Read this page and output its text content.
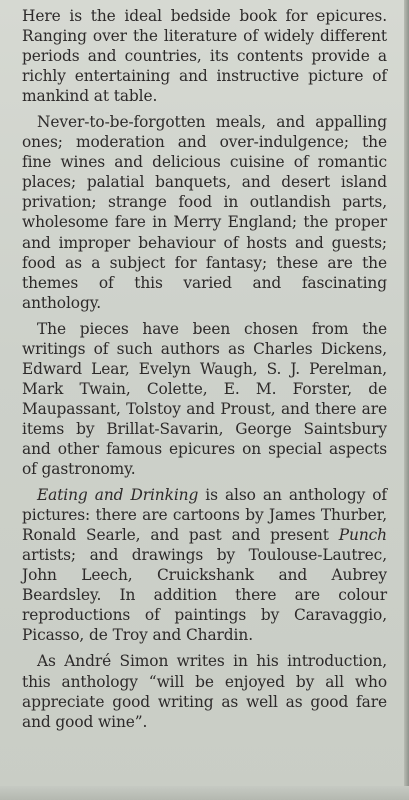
Here is the ideal bedside book for epicures. Ranging over the literature of widely different periods and countries, its contents provide a richly entertaining and instructive picture of mankind at table.

Never-to-be-forgotten meals, and appalling ones; moderation and over-indulgence; the fine wines and delicious cuisine of romantic places; palatial banquets, and desert island privation; strange food in outlandish parts, wholesome fare in Merry England; the proper and improper behaviour of hosts and guests; food as a subject for fantasy; these are the themes of this varied and fascinating anthology.

The pieces have been chosen from the writings of such authors as Charles Dickens, Edward Lear, Evelyn Waugh, S. J. Perelman, Mark Twain, Colette, E. M. Forster, de Maupassant, Tolstoy and Proust, and there are items by Brillat-Savarin, George Saintsbury and other famous epicures on special aspects of gastronomy.

Eating and Drinking is also an anthology of pictures: there are cartoons by James Thurber, Ronald Searle, and past and present Punch artists; and drawings by Toulouse-Lautrec, John Leech, Cruickshank and Aubrey Beardsley. In addition there are colour reproductions of paintings by Caravaggio, Picasso, de Troy and Chardin.

As André Simon writes in his introduction, this anthology “will be enjoyed by all who appreciate good writing as well as good fare and good wine”.
